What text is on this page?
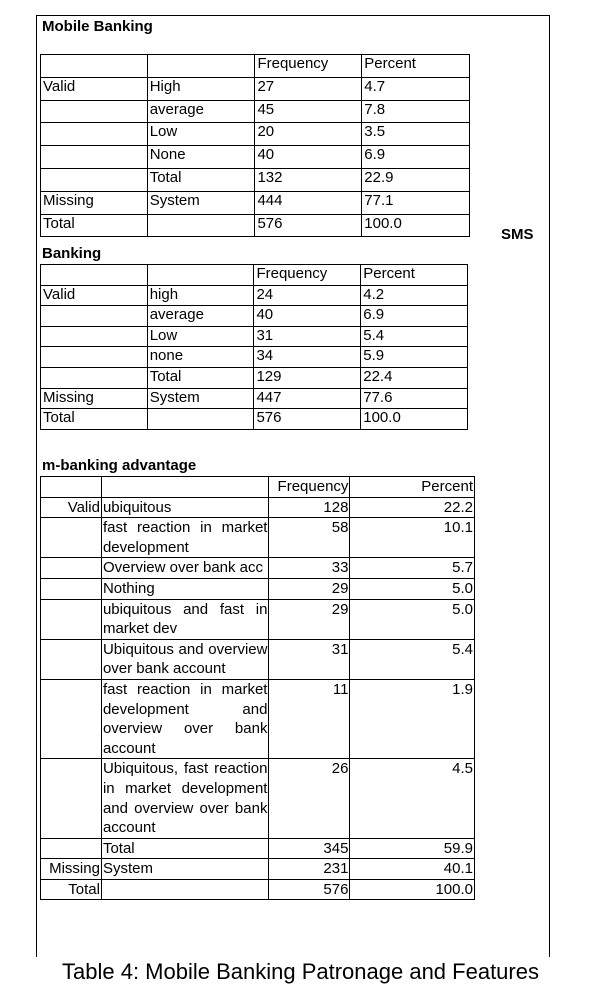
Mobile Banking
		Frequency	Percent
Valid	High	27	4.7
	average	45	7.8
	Low	20	3.5
	None	40	6.9
	Total	132	22.9
Missing	System	444	77.1
Total		576	100.0
SMS
Banking
		Frequency	Percent
Valid	high	24	4.2
	average	40	6.9
	Low	31	5.4
	none	34	5.9
	Total	129	22.4
Missing	System	447	77.6
Total		576	100.0
m-banking advantage
		Frequency	Percent
Valid	ubiquitous	128	22.2
	fast reaction in market development	58	10.1
	Overview over bank acc	33	5.7
	Nothing	29	5.0
	ubiquitous and fast in market dev	29	5.0
	Ubiquitous and overview over bank account	31	5.4
	fast reaction in market development and overview over bank account	11	1.9
	Ubiquitous, fast reaction in market development and overview over bank account	26	4.5
	Total	345	59.9
Missing	System	231	40.1
Total		576	100.0
Table 4: Mobile Banking Patronage and Features
